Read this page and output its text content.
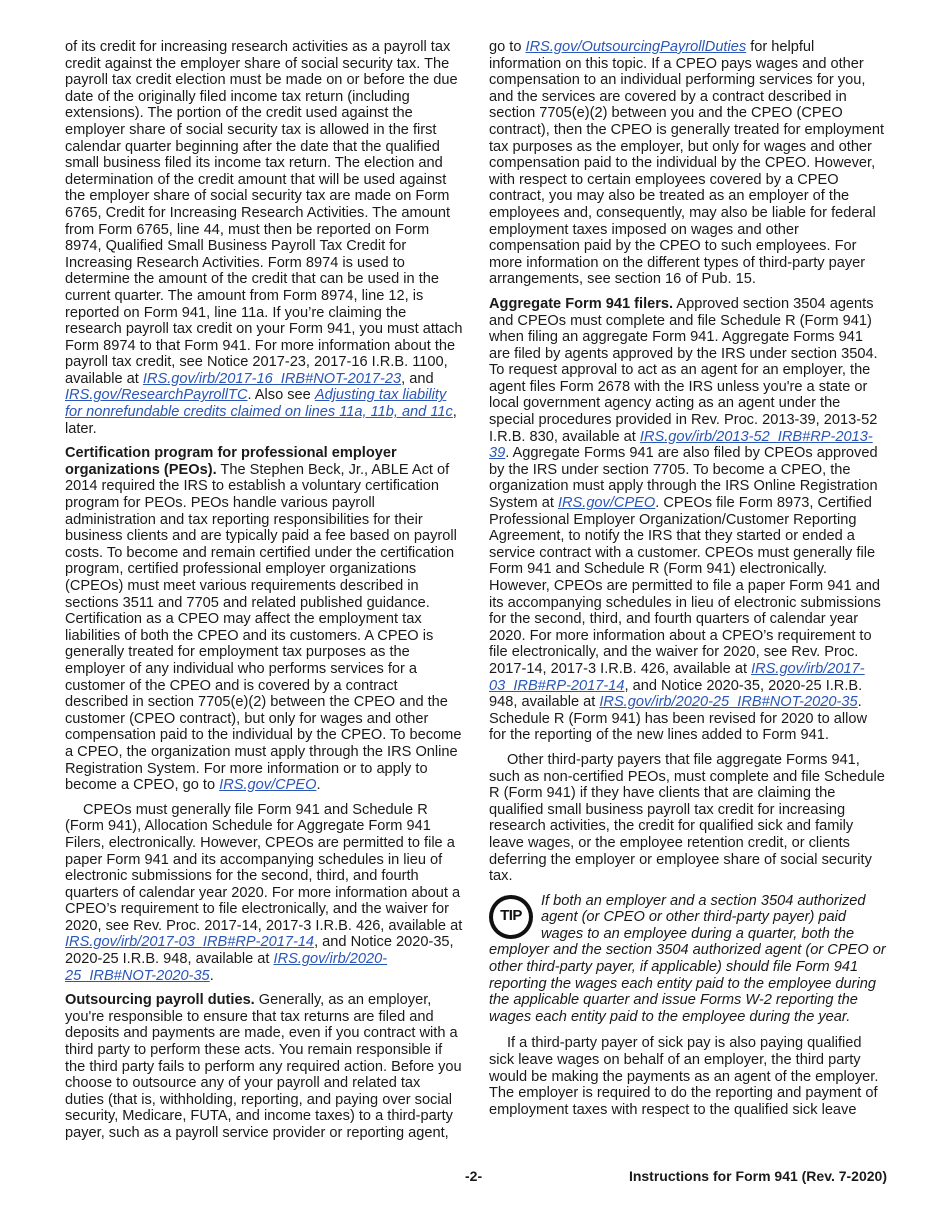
of its credit for increasing research activities as a payroll tax credit against the employer share of social security tax. The payroll tax credit election must be made on or before the due date of the originally filed income tax return (including extensions). The portion of the credit used against the employer share of social security tax is allowed in the first calendar quarter beginning after the date that the qualified small business filed its income tax return. The election and determination of the credit amount that will be used against the employer share of social security tax are made on Form 6765, Credit for Increasing Research Activities. The amount from Form 6765, line 44, must then be reported on Form 8974, Qualified Small Business Payroll Tax Credit for Increasing Research Activities. Form 8974 is used to determine the amount of the credit that can be used in the current quarter. The amount from Form 8974, line 12, is reported on Form 941, line 11a. If you’re claiming the research payroll tax credit on your Form 941, you must attach Form 8974 to that Form 941. For more information about the payroll tax credit, see Notice 2017-23, 2017-16 I.R.B. 1100, available at IRS.gov/irb/2017-16_IRB#NOT-2017-23, and IRS.gov/ResearchPayrollTC. Also see Adjusting tax liability for nonrefundable credits claimed on lines 11a, 11b, and 11c, later.

Certification program for professional employer organizations (PEOs). The Stephen Beck, Jr., ABLE Act of 2014 required the IRS to establish a voluntary certification program for PEOs. PEOs handle various payroll administration and tax reporting responsibilities for their business clients and are typically paid a fee based on payroll costs. To become and remain certified under the certification program, certified professional employer organizations (CPEOs) must meet various requirements described in sections 3511 and 7705 and related published guidance. Certification as a CPEO may affect the employment tax liabilities of both the CPEO and its customers. A CPEO is generally treated for employment tax purposes as the employer of any individual who performs services for a customer of the CPEO and is covered by a contract described in section 7705(e)(2) between the CPEO and the customer (CPEO contract), but only for wages and other compensation paid to the individual by the CPEO. To become a CPEO, the organization must apply through the IRS Online Registration System. For more information or to apply to become a CPEO, go to IRS.gov/CPEO.

CPEOs must generally file Form 941 and Schedule R (Form 941), Allocation Schedule for Aggregate Form 941 Filers, electronically. However, CPEOs are permitted to file a paper Form 941 and its accompanying schedules in lieu of electronic submissions for the second, third, and fourth quarters of calendar year 2020. For more information about a CPEO’s requirement to file electronically, and the waiver for 2020, see Rev. Proc. 2017-14, 2017-3 I.R.B. 426, available at IRS.gov/irb/2017-03_IRB#RP-2017-14, and Notice 2020-35, 2020-25 I.R.B. 948, available at IRS.gov/irb/2020-25_IRB#NOT-2020-35.

Outsourcing payroll duties. Generally, as an employer, you're responsible to ensure that tax returns are filed and deposits and payments are made, even if you contract with a third party to perform these acts. You remain responsible if the third party fails to perform any required action. Before you choose to outsource any of your payroll and related tax duties (that is, withholding, reporting, and paying over social security, Medicare, FUTA, and income taxes) to a third-party payer, such as a payroll service provider or reporting agent,

go to IRS.gov/OutsourcingPayrollDuties for helpful information on this topic. If a CPEO pays wages and other compensation to an individual performing services for you, and the services are covered by a contract described in section 7705(e)(2) between you and the CPEO (CPEO contract), then the CPEO is generally treated for employment tax purposes as the employer, but only for wages and other compensation paid to the individual by the CPEO. However, with respect to certain employees covered by a CPEO contract, you may also be treated as an employer of the employees and, consequently, may also be liable for federal employment taxes imposed on wages and other compensation paid by the CPEO to such employees. For more information on the different types of third-party payer arrangements, see section 16 of Pub. 15.

Aggregate Form 941 filers. Approved section 3504 agents and CPEOs must complete and file Schedule R (Form 941) when filing an aggregate Form 941. Aggregate Forms 941 are filed by agents approved by the IRS under section 3504. To request approval to act as an agent for an employer, the agent files Form 2678 with the IRS unless you're a state or local government agency acting as an agent under the special procedures provided in Rev. Proc. 2013-39, 2013-52 I.R.B. 830, available at IRS.gov/irb/2013-52_IRB#RP-2013-39. Aggregate Forms 941 are also filed by CPEOs approved by the IRS under section 7705. To become a CPEO, the organization must apply through the IRS Online Registration System at IRS.gov/CPEO. CPEOs file Form 8973, Certified Professional Employer Organization/Customer Reporting Agreement, to notify the IRS that they started or ended a service contract with a customer. CPEOs must generally file Form 941 and Schedule R (Form 941) electronically. However, CPEOs are permitted to file a paper Form 941 and its accompanying schedules in lieu of electronic submissions for the second, third, and fourth quarters of calendar year 2020. For more information about a CPEO’s requirement to file electronically, and the waiver for 2020, see Rev. Proc. 2017-14, 2017-3 I.R.B. 426, available at IRS.gov/irb/2017-03_IRB#RP-2017-14, and Notice 2020-35, 2020-25 I.R.B. 948, available at IRS.gov/irb/2020-25_IRB#NOT-2020-35. Schedule R (Form 941) has been revised for 2020 to allow for the reporting of the new lines added to Form 941.

Other third-party payers that file aggregate Forms 941, such as non-certified PEOs, must complete and file Schedule R (Form 941) if they have clients that are claiming the qualified small business payroll tax credit for increasing research activities, the credit for qualified sick and family leave wages, or the employee retention credit, or clients deferring the employer or employee share of social security tax.

TIP
If both an employer and a section 3504 authorized agent (or CPEO or other third-party payer) paid wages to an employee during a quarter, both the employer and the section 3504 authorized agent (or CPEO or other third-party payer, if applicable) should file Form 941 reporting the wages each entity paid to the employee during the applicable quarter and issue Forms W-2 reporting the wages each entity paid to the employee during the year.

If a third-party payer of sick pay is also paying qualified sick leave wages on behalf of an employer, the third party would be making the payments as an agent of the employer. The employer is required to do the reporting and payment of employment taxes with respect to the qualified sick leave

-2-	Instructions for Form 941 (Rev. 7-2020)
